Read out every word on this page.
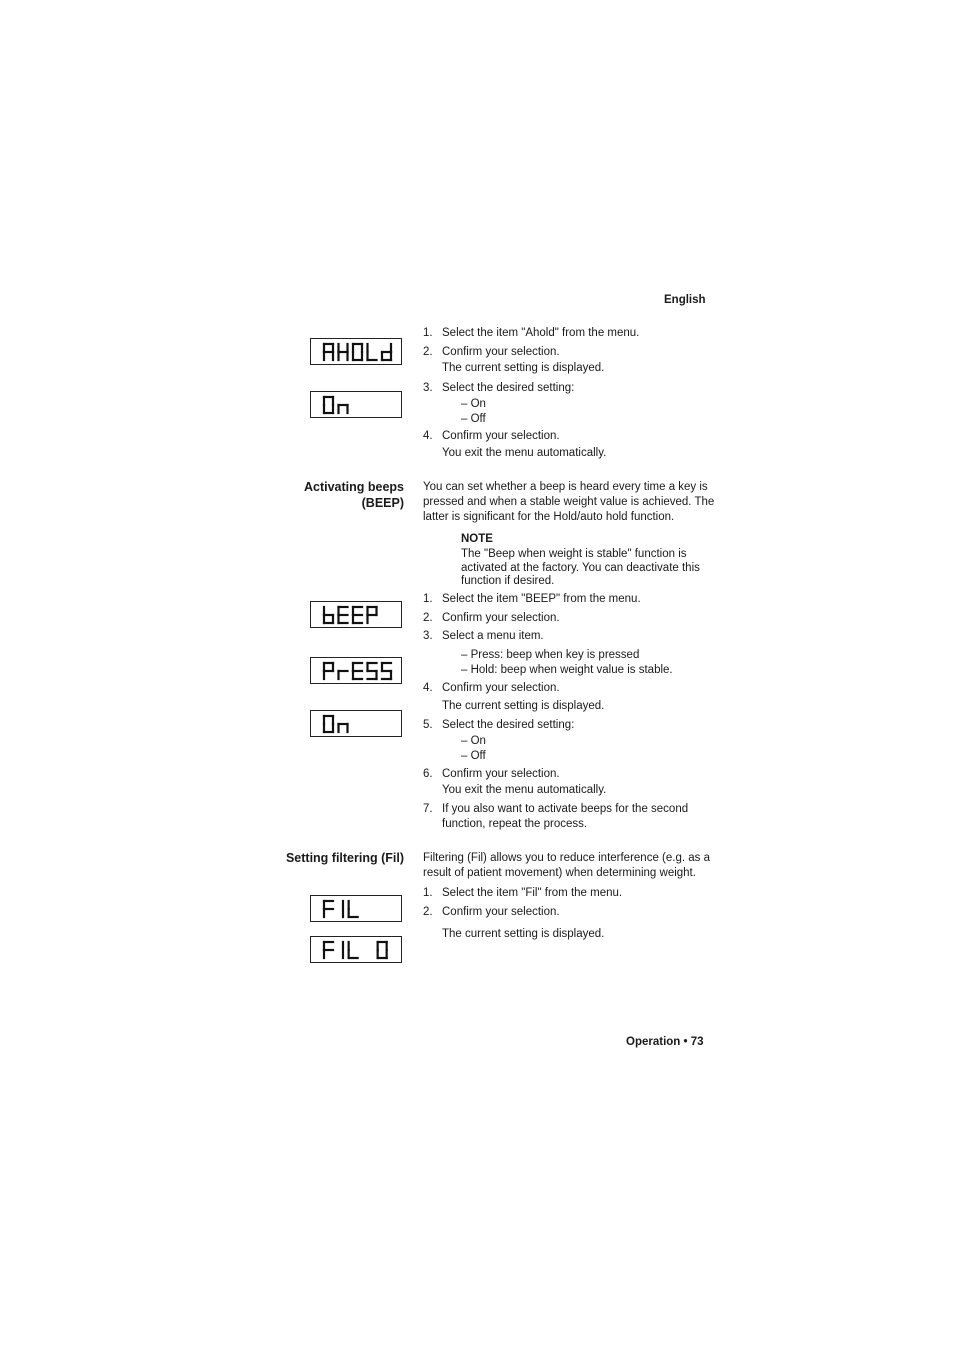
English
1. Select the item "Ahold" from the menu.
2. Confirm your selection.
The current setting is displayed.
3. Select the desired setting:
– On
– Off
4. Confirm your selection.
You exit the menu automatically.
Activating beeps
(BEEP)
You can set whether a beep is heard every time a key is pressed and when a stable weight value is achieved. The latter is significant for the Hold/auto hold function.
NOTE
The "Beep when weight is stable" function is activated at the factory. You can deactivate this function if desired.
1. Select the item "BEEP" from the menu.
2. Confirm your selection.
3. Select a menu item.
– Press: beep when key is pressed
– Hold: beep when weight value is stable.
4. Confirm your selection.
The current setting is displayed.
5. Select the desired setting:
– On
– Off
6. Confirm your selection.
You exit the menu automatically.
7. If you also want to activate beeps for the second
function, repeat the process.
Setting filtering (Fil) Filtering (Fil) allows you to reduce interference (e.g. as a result of patient movement) when determining weight.
1. Select the item "Fil" from the menu.
2. Confirm your selection.
The current setting is displayed.
Operation • 73
